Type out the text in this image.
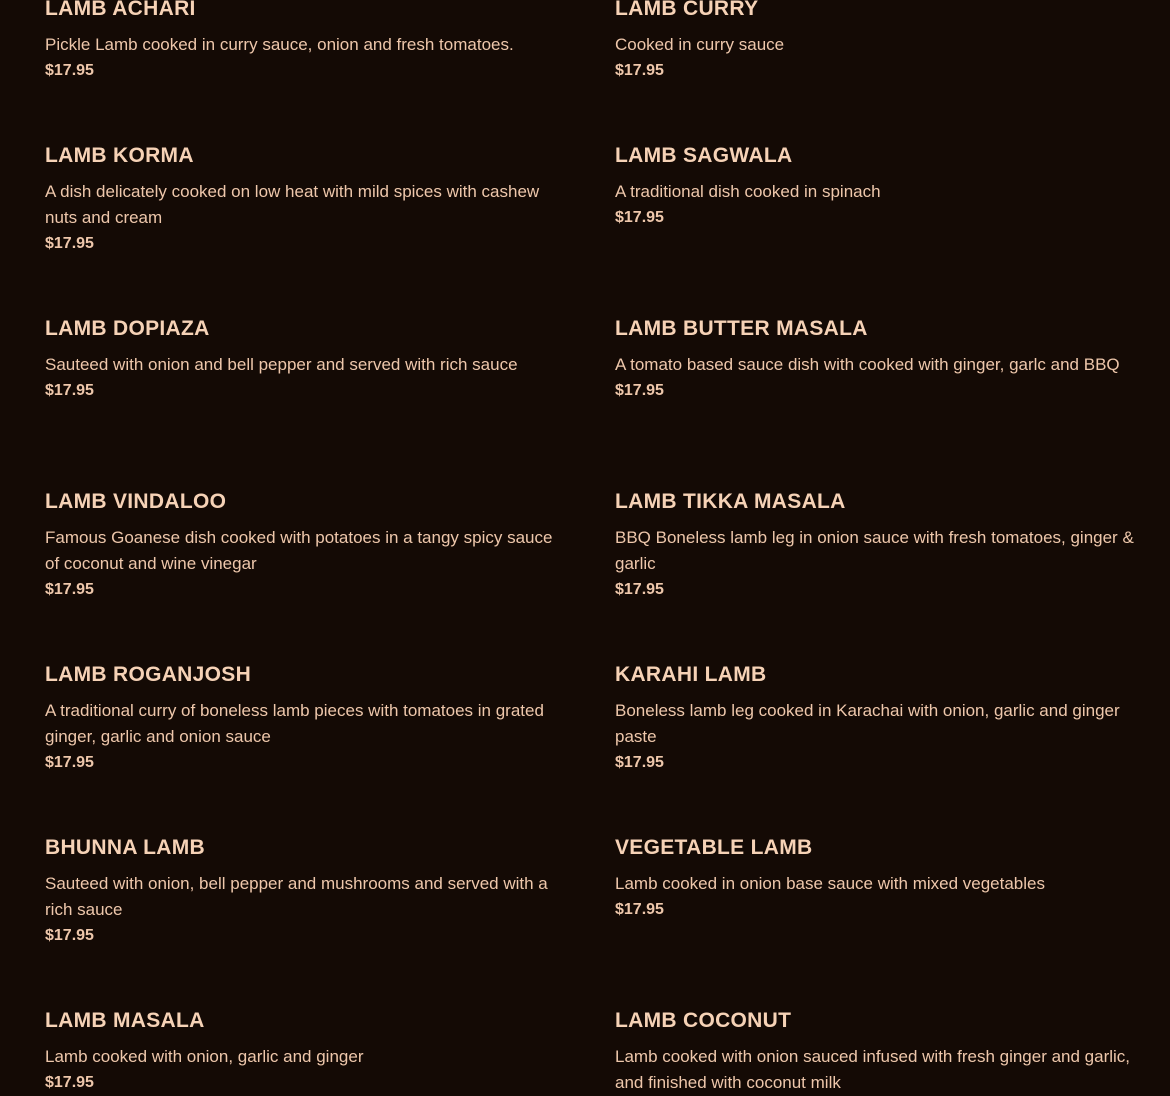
LAMB ACHARI

Pickle Lamb cooked in curry sauce, onion and fresh tomatoes.

$17.95

LAMB CURRY

Cooked in curry sauce

$17.95

LAMB KORMA

A dish delicately cooked on low heat with mild spices with cashew nuts and cream

$17.95

LAMB SAGWALA

A traditional dish cooked in spinach

$17.95

LAMB DOPIAZA

Sauteed with onion and bell pepper and served with rich sauce

$17.95

LAMB BUTTER MASALA

A tomato based sauce dish with cooked with ginger, garlc and BBQ

$17.95

LAMB VINDALOO

Famous Goanese dish cooked with potatoes in a tangy spicy sauce of coconut and wine vinegar

$17.95

LAMB TIKKA MASALA

BBQ Boneless lamb leg in onion sauce with fresh tomatoes, ginger & garlic

$17.95

LAMB ROGANJOSH

A traditional curry of boneless lamb pieces with tomatoes in grated ginger, garlic and onion sauce

$17.95

KARAHI LAMB

Boneless lamb leg cooked in Karachai with onion, garlic and ginger paste

$17.95

BHUNNA LAMB

Sauteed with onion, bell pepper and mushrooms and served with a rich sauce

$17.95

VEGETABLE LAMB

Lamb cooked in onion base sauce with mixed vegetables

$17.95

LAMB MASALA

Lamb cooked with onion, garlic and ginger

$17.95

LAMB COCONUT

Lamb cooked with onion sauced infused with fresh ginger and garlic, and finished with coconut milk
